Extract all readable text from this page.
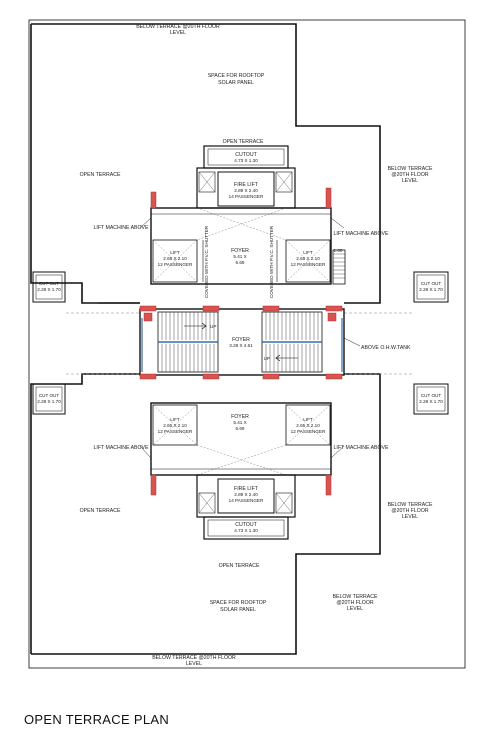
BELOW TERRACE @20TH FLOOR
LEVEL
SPACE FOR ROOFTOP
SOLAR PANEL
OPEN TERRACE
CUTOUT
4.73 X 1.30
OPEN TERRACE
BELOW TERRACE
@20TH FLOOR
LEVEL
FIRE LIFT
2.89 X 2.40
14 PASSENGER
LIFT MACHINE ABOVE
LIFT MACHINE ABOVE
FOYER
5.41 X
6.69
LIFT
2.65 X 2.10
12 PASSENGER
LIFT
2.65 X 2.10
12 PASSENGER
COVERED WITH P.V.C. SHUTTER	COVERED WITH P.V.C. SHUTTER	1.00
CUT OUT
2.28 X 1.70
CUT OUT
2.28 X 1.70
FOYER
3.28 X 4.61
UP
UP
ABOVE O.H.W.TANK
CUT OUT
2.28 X 1.70
CUT OUT
2.28 X 1.70
FOYER
5.41 X
6.69
LIFT
2.65 X 2.10
12 PASSENGER
LIFT
2.65 X 2.10
12 PASSENGER
LIFT MACHINE ABOVE	LIFT MACHINE ABOVE
FIRE LIFT
2.89 X 2.40
14 PASSENGER
BELOW TERRACE
@20TH FLOOR
LEVEL
OPEN TERRACE
CUTOUT
4.73 X 1.30
OPEN TERRACE
BELOW TERRACE
@20TH FLOOR
LEVEL
SPACE FOR ROOFTOP
SOLAR PANEL
BELOW TERRACE @20TH FLOOR
LEVEL
OPEN TERRACE PLAN
